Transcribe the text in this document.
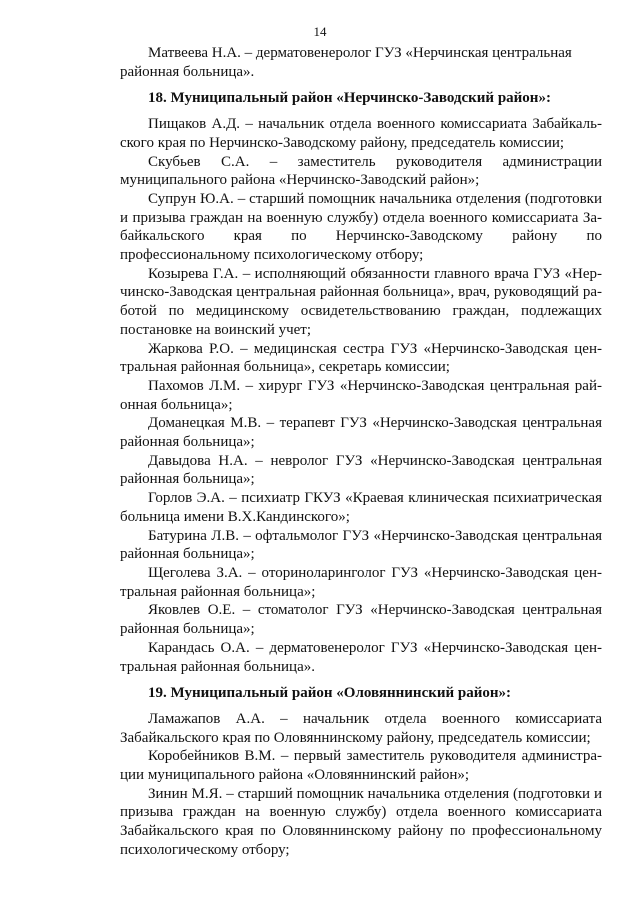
14

Матвеева Н.А. – дерматовенеролог ГУЗ «Нерчинская центральная районная больница».

18. Муниципальный район «Нерчинско-Заводский район»:

Пищаков А.Д. – начальник отдела военного комиссариата Забайкальского края по Нерчинско-Заводскому району, председатель комиссии;

Скубьев С.А. – заместитель руководителя администрации муниципального района «Нерчинско-Заводский район»;

Супрун Ю.А. – старший помощник начальника отделения (подготовки и призыва граждан на военную службу) отдела военного комиссариата Забайкальского края по Нерчинско-Заводскому району по профессиональному психологическому отбору;

Козырева Г.А. – исполняющий обязанности главного врача ГУЗ «Нерчинско-Заводская центральная районная больница», врач, руководящий работой по медицинскому освидетельствованию граждан, подлежащих постановке на воинский учет;

Жаркова Р.О. – медицинская сестра ГУЗ «Нерчинско-Заводская центральная районная больница», секретарь комиссии;

Пахомов Л.М. – хирург ГУЗ «Нерчинско-Заводская центральная районная больница»;

Доманецкая М.В. – терапевт ГУЗ «Нерчинско-Заводская центральная районная больница»;

Давыдова Н.А. – невролог ГУЗ «Нерчинско-Заводская центральная районная больница»;

Горлов Э.А. – психиатр ГКУЗ «Краевая клиническая психиатрическая больница имени В.Х.Кандинского»;

Батурина Л.В. – офтальмолог ГУЗ «Нерчинско-Заводская центральная районная больница»;

Щеголева З.А. – оториноларинголог ГУЗ «Нерчинско-Заводская центральная районная больница»;

Яковлев О.Е. – стоматолог ГУЗ «Нерчинско-Заводская центральная районная больница»;

Карандась О.А. – дерматовенеролог ГУЗ «Нерчинско-Заводская центральная районная больница».

19. Муниципальный район «Оловяннинский район»:

Ламажапов А.А. – начальник отдела военного комиссариата Забайкальского края по Оловяннинскому району, председатель комиссии;

Коробейников В.М. – первый заместитель руководителя администрации муниципального района «Оловяннинский район»;

Зинин М.Я. – старший помощник начальника отделения (подготовки и призыва граждан на военную службу) отдела военного комиссариата Забайкальского края по Оловяннинскому району по профессиональному психологическому отбору;
